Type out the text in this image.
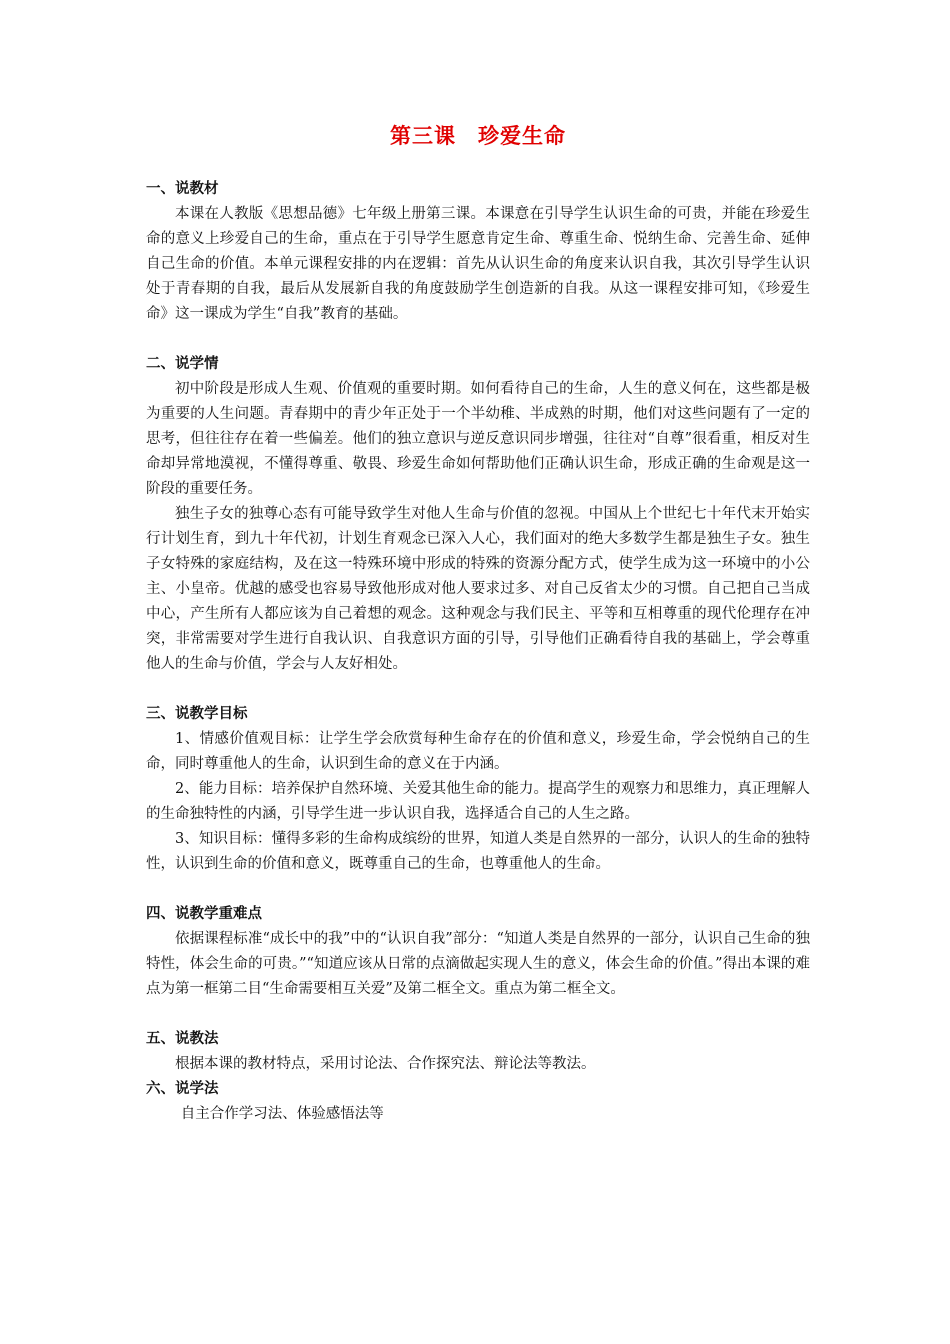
第三课　珍爱生命
一、说教材

本课在人教版《思想品德》七年级上册第三课。本课意在引导学生认识生命的可贵，并能在珍爱生命的意义上珍爱自己的生命，重点在于引导学生愿意肯定生命、尊重生命、悦纳生命、完善生命、延伸自己生命的价值。本单元课程安排的内在逻辑：首先从认识生命的角度来认识自我，其次引导学生认识处于青春期的自我，最后从发展新自我的角度鼓励学生创造新的自我。从这一课程安排可知，《珍爱生命》这一课成为学生“自我”教育的基础。

二、说学情

初中阶段是形成人生观、价值观的重要时期。如何看待自己的生命，人生的意义何在，这些都是极为重要的人生问题。青春期中的青少年正处于一个半幼稚、半成熟的时期，他们对这些问题有了一定的思考，但往往存在着一些偏差。他们的独立意识与逆反意识同步增强，往往对“自尊”很看重，相反对生命却异常地漠视，不懂得尊重、敬畏、珍爱生命如何帮助他们正确认识生命，形成正确的生命观是这一阶段的重要任务。

独生子女的独尊心态有可能导致学生对他人生命与价值的忽视。中国从上个世纪七十年代末开始实行计划生育，到九十年代初，计划生育观念已深入人心，我们面对的绝大多数学生都是独生子女。独生子女特殊的家庭结构，及在这一特殊环境中形成的特殊的资源分配方式，使学生成为这一环境中的小公主、小皇帝。优越的感受也容易导致他形成对他人要求过多、对自己反省太少的习惯。自己把自己当成中心，产生所有人都应该为自己着想的观念。这种观念与我们民主、平等和互相尊重的现代伦理存在冲突，非常需要对学生进行自我认识、自我意识方面的引导，引导他们正确看待自我的基础上，学会尊重他人的生命与价值，学会与人友好相处。

三、说教学目标

1、情感价值观目标：让学生学会欣赏每种生命存在的价值和意义，珍爱生命，学会悦纳自己的生命，同时尊重他人的生命，认识到生命的意义在于内涵。

2、能力目标：培养保护自然环境、关爱其他生命的能力。提高学生的观察力和思维力，真正理解人的生命独特性的内涵，引导学生进一步认识自我，选择适合自己的人生之路。

3、知识目标：懂得多彩的生命构成缤纷的世界，知道人类是自然界的一部分，认识人的生命的独特性，认识到生命的价值和意义，既尊重自己的生命，也尊重他人的生命。

四、说教学重难点

依据课程标准“成长中的我”中的“认识自我”部分：“知道人类是自然界的一部分，认识自己生命的独特性，体会生命的可贵。”“知道应该从日常的点滴做起实现人生的意义，体会生命的价值。”得出本课的难点为第一框第二目“生命需要相互关爱”及第二框全文。重点为第二框全文。

五、说教法

根据本课的教材特点，采用讨论法、合作探究法、辩论法等教法。

六、说学法

自主合作学习法、体验感悟法等
